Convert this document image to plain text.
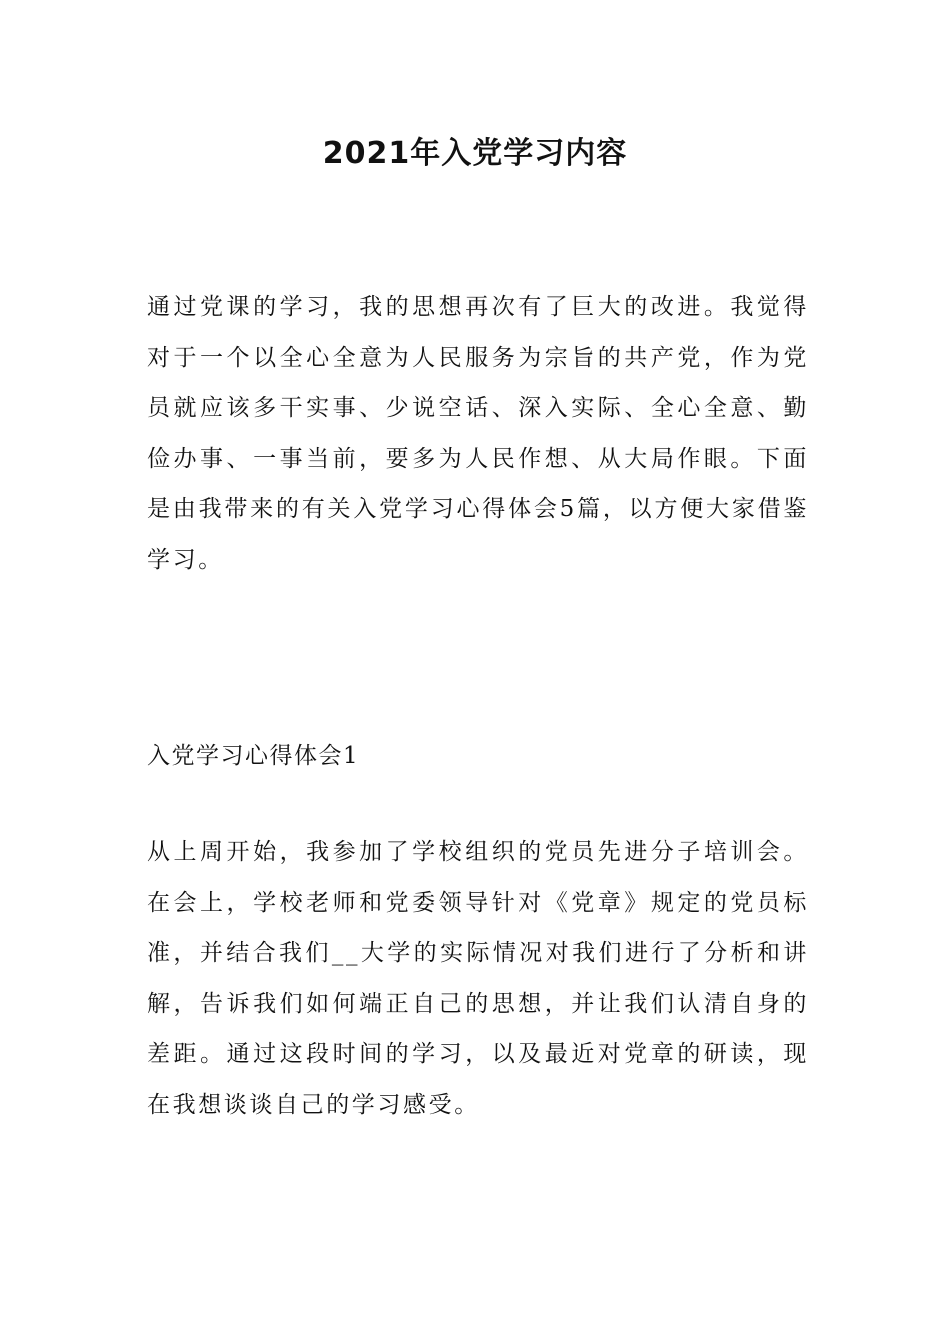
2021年入党学习内容

通过党课的学习，我的思想再次有了巨大的改进。我觉得对于一个以全心全意为人民服务为宗旨的共产党，作为党员就应该多干实事、少说空话、深入实际、全心全意、勤俭办事、一事当前，要多为人民作想、从大局作眼。下面是由我带来的有关入党学习心得体会5篇，以方便大家借鉴学习。

入党学习心得体会1

从上周开始，我参加了学校组织的党员先进分子培训会。在会上，学校老师和党委领导针对《党章》规定的党员标准，并结合我们__大学的实际情况对我们进行了分析和讲解，告诉我们如何端正自己的思想，并让我们认清自身的差距。通过这段时间的学习，以及最近对党章的研读，现在我想谈谈自己的学习感受。
